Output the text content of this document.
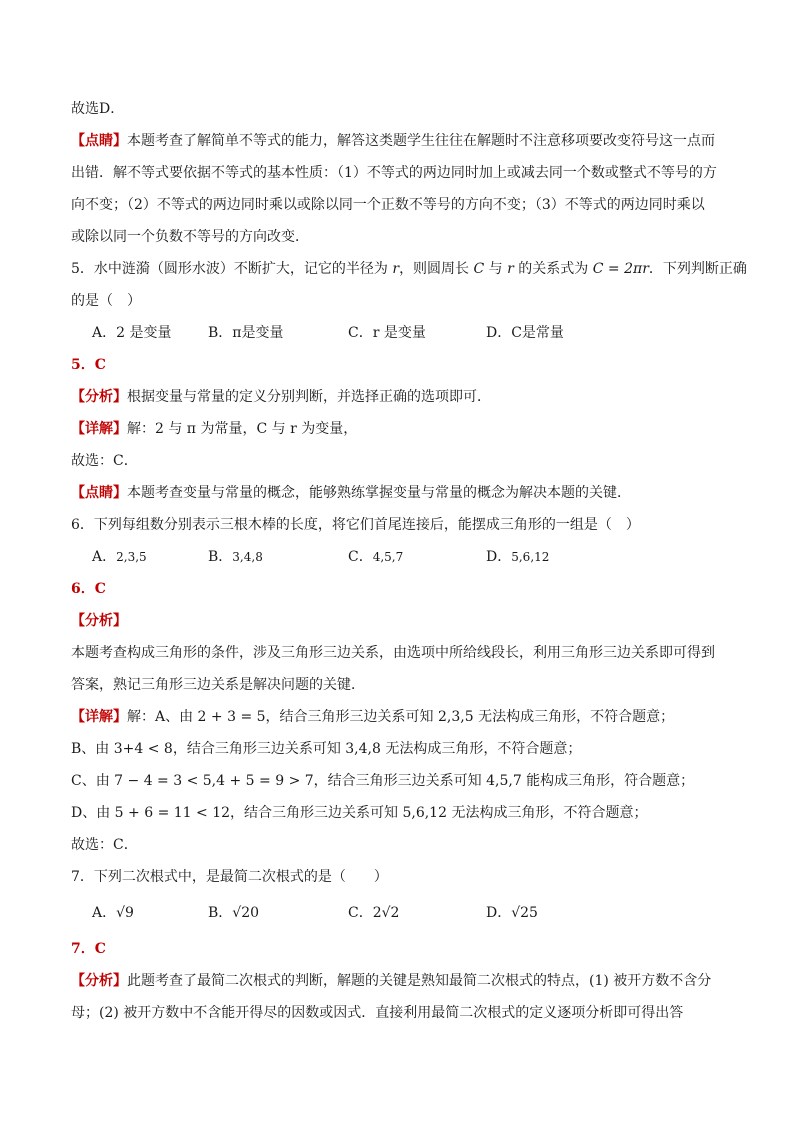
故选D．
【点睛】本题考查了解简单不等式的能力，解答这类题学生往往在解题时不注意移项要改变符号这一点而
出错．解不等式要依据不等式的基本性质：（1）不等式的两边同时加上或减去同一个数或整式不等号的方
向不变；（2）不等式的两边同时乘以或除以同一个正数不等号的方向不变；（3）不等式的两边同时乘以
或除以同一个负数不等号的方向改变．
5．水中涟漪（圆形水波）不断扩大，记它的半径为 r，则圆周长 C 与 r 的关系式为 C = 2πr．下列判断正确
的是（　）
A．2 是变量	B．π是变量	C．r 是变量	D．C是常量
5．C
【分析】根据变量与常量的定义分别判断，并选择正确的选项即可．
【详解】解：2 与 π 为常量，C 与 r 为变量，
故选：C．
【点睛】本题考查变量与常量的概念，能够熟练掌握变量与常量的概念为解决本题的关键．
6．下列每组数分别表示三根木棒的长度，将它们首尾连接后，能摆成三角形的一组是（　）
A．2,3,5	B．3,4,8	C．4,5,7	D．5,6,12
6．C
【分析】
本题考查构成三角形的条件，涉及三角形三边关系，由选项中所给线段长，利用三角形三边关系即可得到
答案，熟记三角形三边关系是解决问题的关键．
【详解】解：A、由 2 + 3 = 5，结合三角形三边关系可知 2,3,5 无法构成三角形，不符合题意；
B、由 3+4 < 8，结合三角形三边关系可知 3,4,8 无法构成三角形，不符合题意；
C、由 7 − 4 = 3 < 5,4 + 5 = 9 > 7，结合三角形三边关系可知 4,5,7 能构成三角形，符合题意；
D、由 5 + 6 = 11 < 12，结合三角形三边关系可知 5,6,12 无法构成三角形，不符合题意；
故选：C．
7．下列二次根式中，是最简二次根式的是（　　）
A．√9	B．√20	C．2√2	D．√25
7．C
【分析】此题考查了最简二次根式的判断，解题的关键是熟知最简二次根式的特点，(1) 被开方数不含分
母；(2) 被开方数中不含能开得尽的因数或因式．直接利用最简二次根式的定义逐项分析即可得出答
